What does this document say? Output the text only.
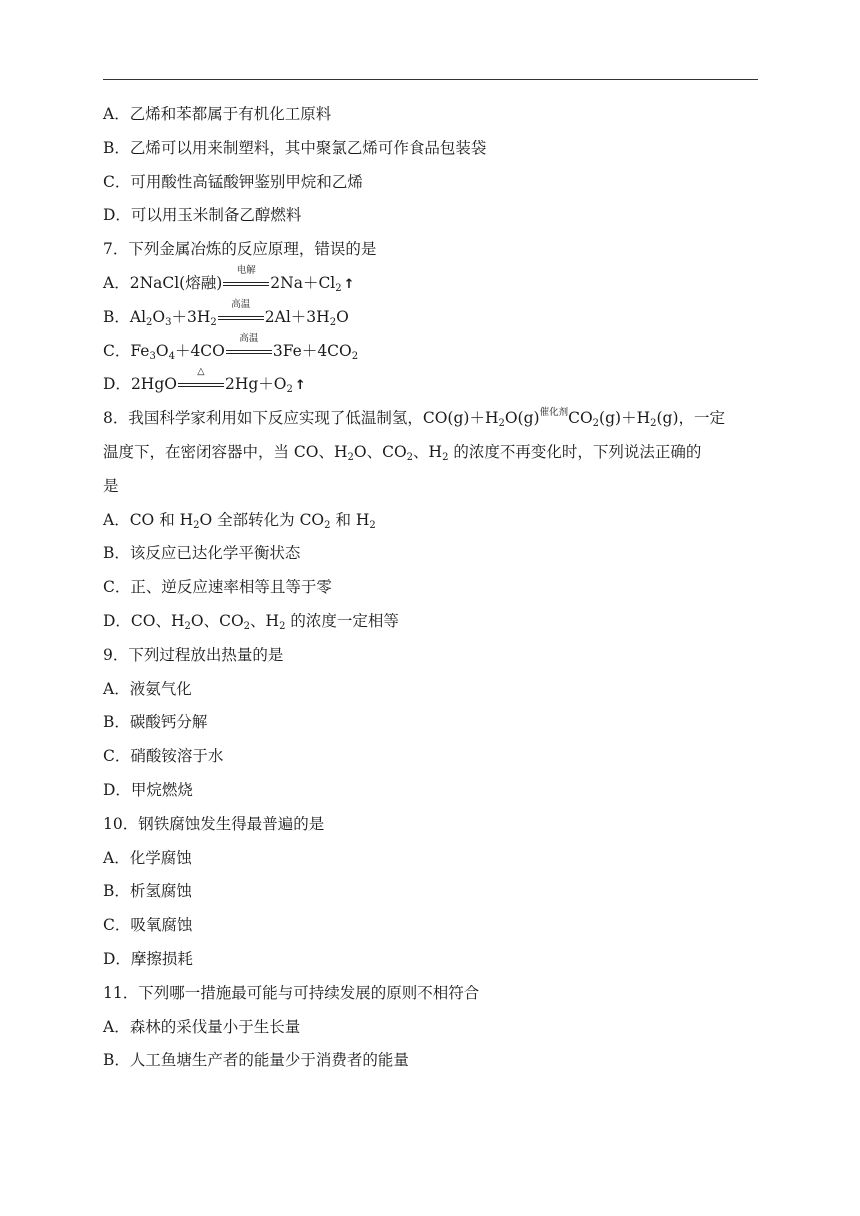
A．乙烯和苯都属于有机化工原料
B．乙烯可以用来制塑料，其中聚氯乙烯可作食品包装袋
C．可用酸性高锰酸钾鉴别甲烷和乙烯
D．可以用玉米制备乙醇燃料
7．下列金属冶炼的反应原理，错误的是
A．2NaCl(熔融)
电解
$2Na+Cl_2$ ↑
B．$Al_2O_3+3H_2$
高温
$2Al+3H_2O$
C．$Fe_3O_4+4CO$
高温
$3Fe+4CO_2$
D．2HgO
△
$2Hg+O_2$ ↑
8．我国科学家利用如下反应实现了低温制氢，$CO(g)+H_2O(g)^{催化剂}CO_2(g)+H_2(g)$，一定
温度下，在密闭容器中，当 CO、$H_2O$、$CO_2$、$H_2$ 的浓度不再变化时，下列说法正确的
是
A．CO 和 $H_2O$ 全部转化为 $CO_2$ 和 $H_2$
B．该反应已达化学平衡状态
C．正、逆反应速率相等且等于零
D．CO、$H_2O$、$CO_2$、$H_2$ 的浓度一定相等
9．下列过程放出热量的是
A．液氨气化
B．碳酸钙分解
C．硝酸铵溶于水
D．甲烷燃烧
10．钢铁腐蚀发生得最普遍的是
A．化学腐蚀
B．析氢腐蚀
C．吸氧腐蚀
D．摩擦损耗
11．下列哪一措施最可能与可持续发展的原则不相符合
A．森林的采伐量小于生长量
B．人工鱼塘生产者的能量少于消费者的能量
